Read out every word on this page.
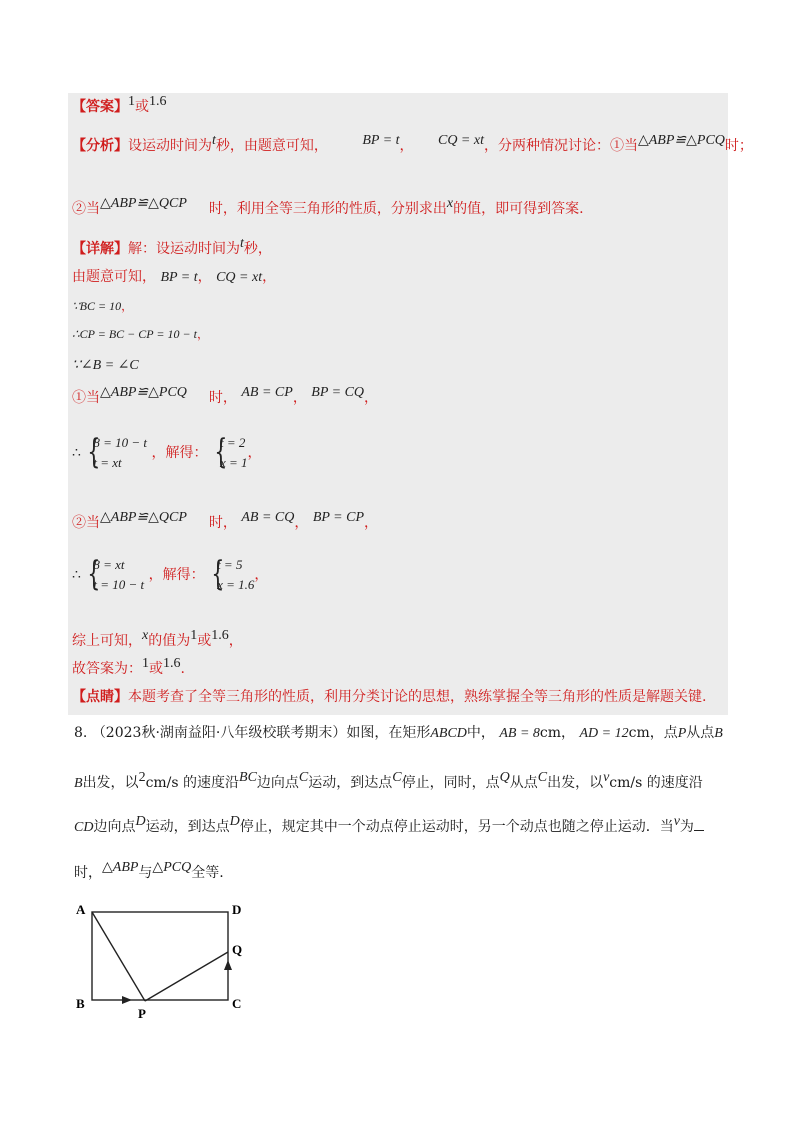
【答案】1或1.6
【分析】设运动时间为t秒，由题意可知， BP = t， CQ = xt，分两种情况讨论：①当△ABP≌△PCQ时；
②当△ABP≌△QCP 时，利用全等三角形的性质，分别求出x的值，即可得到答案.
【详解】解：设运动时间为t秒，
由题意可知， BP = t， CQ = xt，
∵BC = 10，
∴CP = BC − CP = 10 − t，
∵∠B = ∠C
①当△ABP≌△PCQ 时， AB = CP， BP = CQ，
∴
{ 8 = 10 − t
t = xt
，解得：
{ t = 2
x = 1
，
②当△ABP≌△QCP 时， AB = CQ， BP = CP，
∴
{ 8 = xt
t = 10 − t
，解得：
{ t = 5
x = 1.6
，
综上可知，x的值为1或1.6，
故答案为：1或1.6.
【点睛】本题考查了全等三角形的性质，利用分类讨论的思想，熟练掌握全等三角形的性质是解题关键.
8. （2023秋·湖南益阳·八年级校联考期末）如图，在矩形ABCD中， AB = 8cm， AD = 12cm，点P从点B
B出发，以2cm/s 的速度沿BC边向点C运动，到达点C停止，同时，点Q从点C出发，以vcm/s 的速度沿
CD边向点D运动，到达点D停止，规定其中一个动点停止运动时，另一个动点也随之停止运动．当v为
时，△ABP与△PCQ全等.
A	D
Q
B	C
P
